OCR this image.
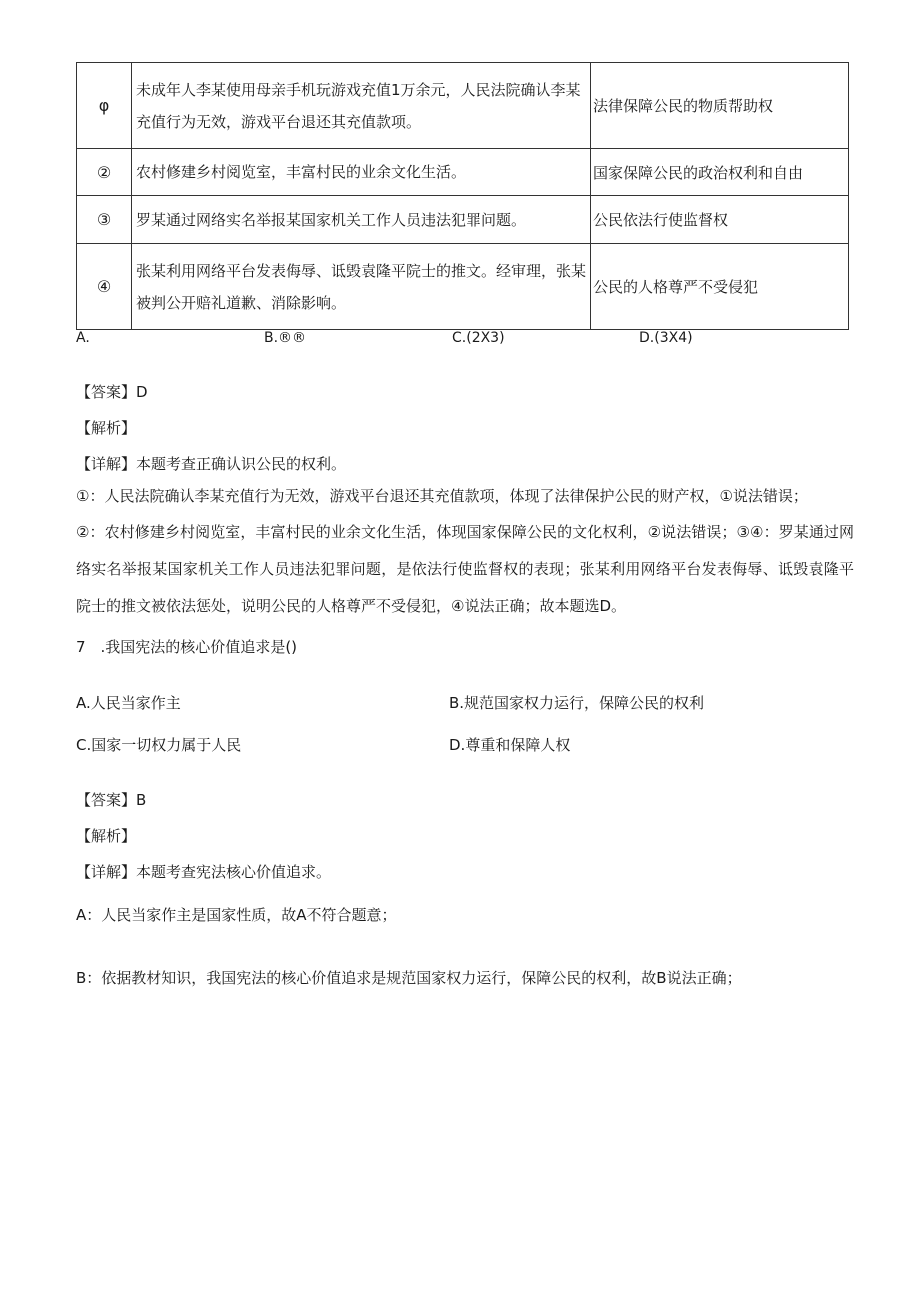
φ	未成年人李某使用母亲手机玩游戏充值1万余元，人民法院确认李某充值行为无效，游戏平台退还其充值款项。	法律保障公民的物质帮助权
②	农村修建乡村阅览室，丰富村民的业余文化生活。	国家保障公民的政治权利和自由
③	罗某通过网络实名举报某国家机关工作人员违法犯罪问题。	公民依法行使监督权
④	张某利用网络平台发表侮辱、诋毁袁隆平院士的推文。经审理，张某被判公开赔礼道歉、消除影响。	公民的人格尊严不受侵犯
A.	B.®®	C.(2X3)	D.(3X4)
【答案】D
【解析】
【详解】本题考查正确认识公民的权利。
①：人民法院确认李某充值行为无效，游戏平台退还其充值款项，体现了法律保护公民的财产权，①说法错误；
②：农村修建乡村阅览室，丰富村民的业余文化生活，体现国家保障公民的文化权利，②说法错误；③④：罗某通过网络实名举报某国家机关工作人员违法犯罪问题，是依法行使监督权的表现；张某利用网络平台发表侮辱、诋毁袁隆平院士的推文被依法惩处，说明公民的人格尊严不受侵犯，④说法正确；故本题选D。
7　.我国宪法的核心价值追求是()
A.人民当家作主	B.规范国家权力运行，保障公民的权利
C.国家一切权力属于人民	D.尊重和保障人权
【答案】B
【解析】
【详解】本题考查宪法核心价值追求。
A：人民当家作主是国家性质，故A不符合题意；
B：依据教材知识，我国宪法的核心价值追求是规范国家权力运行，保障公民的权利，故B说法正确；
